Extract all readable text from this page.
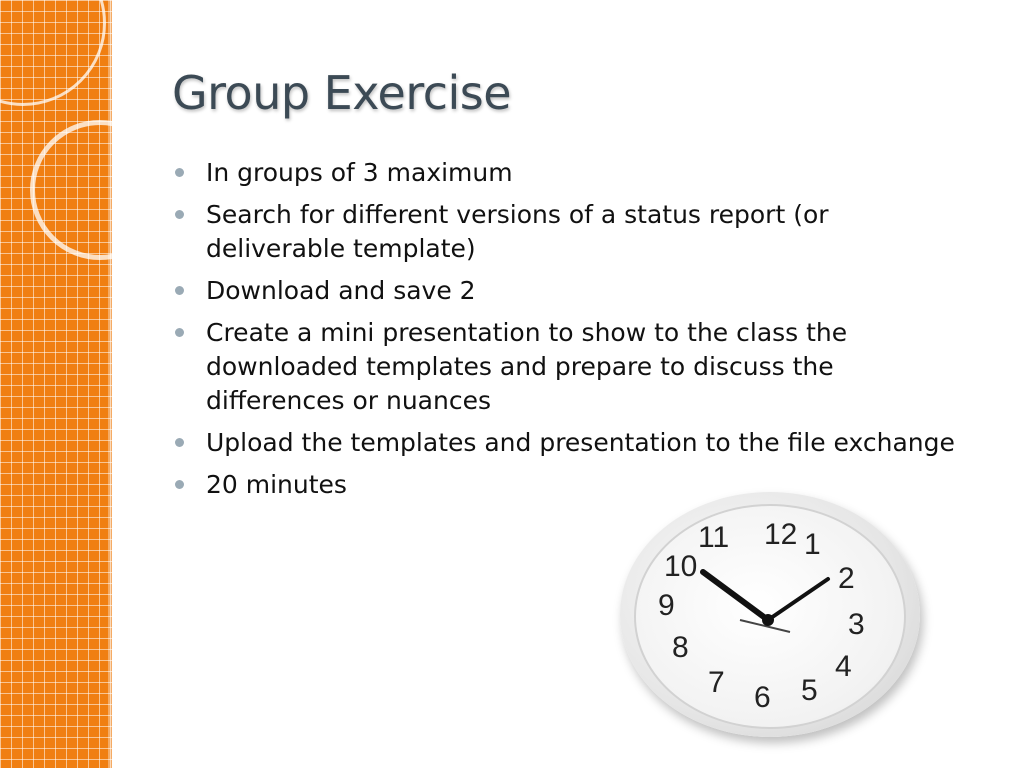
Group Exercise
In groups of 3 maximum
Search for different versions of a status report (or deliverable template)
Download and save 2
Create a mini presentation to show to the class the downloaded templates and prepare to discuss the differences or nuances
Upload the templates and presentation to the file exchange
20 minutes
12 1
2
3
4
5
6
7
8
9
10
11
